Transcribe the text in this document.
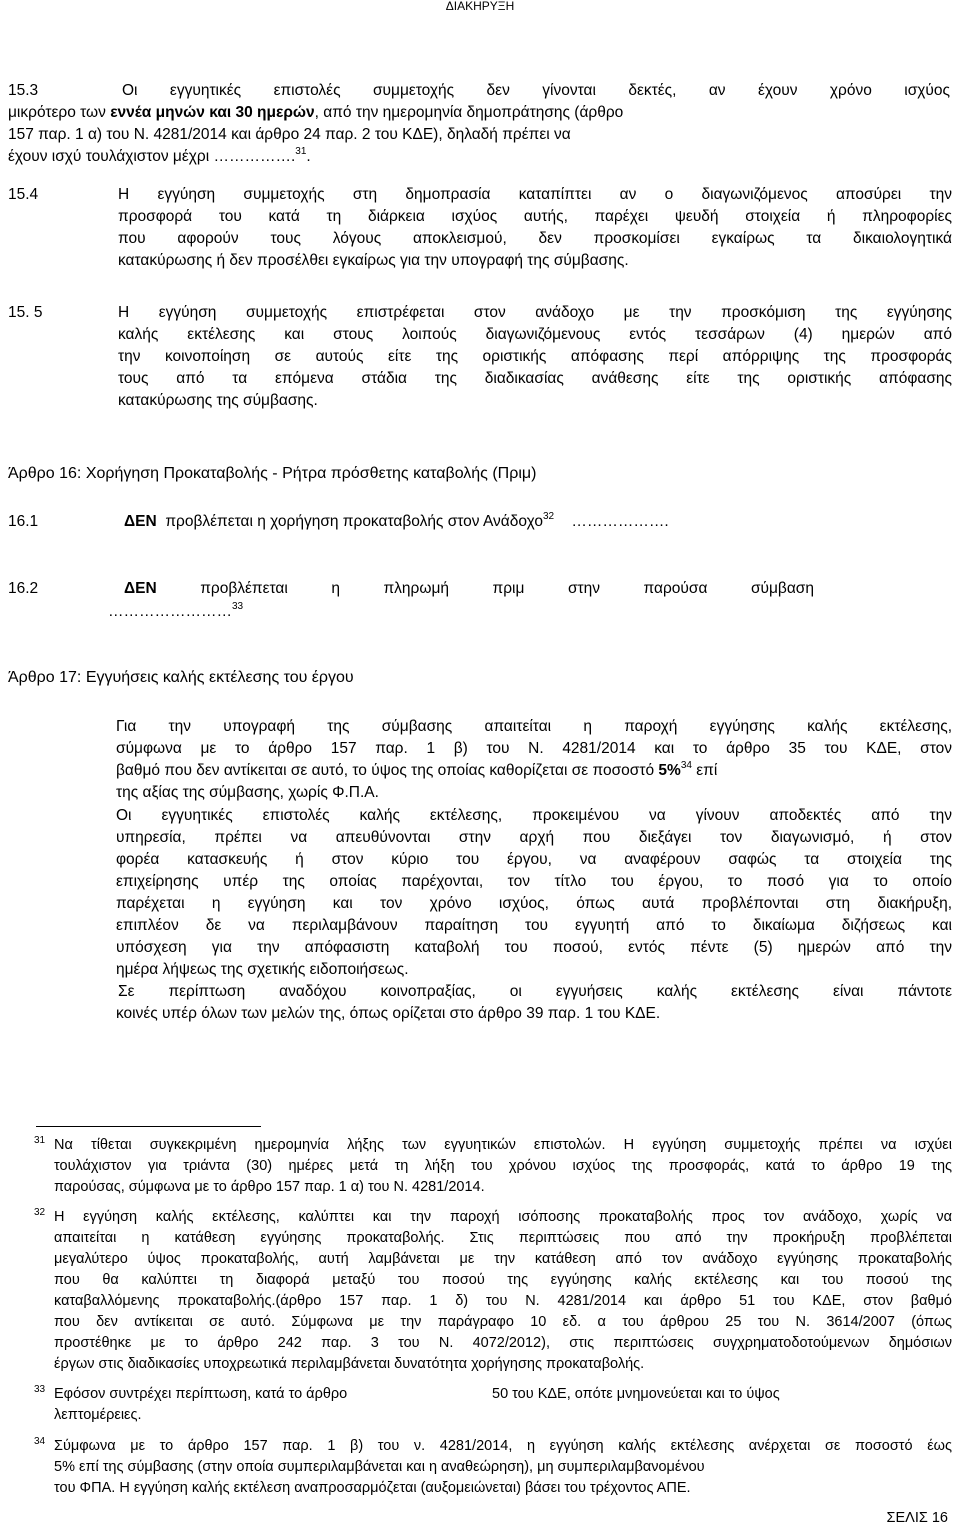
ΔΙΑΚΗΡΥΞΗ
15.3	Οι εγγυητικές επιστολές συμμετοχής δεν γίνονται δεκτές, αν έχουν χρόνο ισχύος
μικρότερο των εννέα μηνών και 30 ημερών, από την ημερομηνία δημοπράτησης (άρθρο
157 παρ. 1 α) του Ν. 4281/2014 και άρθρο 24 παρ. 2 του ΚΔΕ), δηλαδή πρέπει να
έχουν ισχύ τουλάχιστον μέχρι …………….$^{31}$.
15.4	Η εγγύηση συμμετοχής στη δημοπρασία καταπίπτει αν ο διαγωνιζόμενος αποσύρει την
προσφορά του κατά τη διάρκεια ισχύος αυτής, παρέχει ψευδή στοιχεία ή πληροφορίες
που αφορούν τους λόγους αποκλεισμού, δεν προσκομίσει εγκαίρως τα δικαιολογητικά
κατακύρωσης ή δεν προσέλθει εγκαίρως για την υπογραφή της σύμβασης.
15. 5	Η εγγύηση συμμετοχής επιστρέφεται στον ανάδοχο με την προσκόμιση της εγγύησης
καλής εκτέλεσης και στους λοιπούς διαγωνιζόμενους εντός τεσσάρων (4) ημερών από
την κοινοποίηση σε αυτούς είτε της οριστικής απόφασης περί απόρριψης της προσφοράς
τους από τα επόμενα στάδια της διαδικασίας ανάθεσης είτε της οριστικής απόφασης
κατακύρωσης της σύμβασης.
Άρθρο 16: Χορήγηση Προκαταβολής - Ρήτρα πρόσθετης καταβολής (Πριμ)
16.1	ΔΕΝ προβλέπεται η χορήγηση προκαταβολής στον Ανάδοχο$^{32}$ ……………….
16.2	ΔΕΝ	προβλέπεται	η	πληρωμή	πριμ	στην	παρούσα	σύμβαση
……………………$^{33}$
Άρθρο 17: Εγγυήσεις καλής εκτέλεσης του έργου
Για την υπογραφή της σύμβασης απαιτείται η παροχή εγγύησης καλής εκτέλεσης,
σύμφωνα με το άρθρο 157 παρ. 1 β) του Ν. 4281/2014 και το άρθρο 35 του ΚΔΕ, στον
βαθμό που δεν αντίκειται σε αυτό, το ύψος της οποίας καθορίζεται σε ποσοστό 5%$^{34}$ επί
της αξίας της σύμβασης, χωρίς Φ.Π.Α.
Οι εγγυητικές επιστολές καλής εκτέλεσης, προκειμένου να γίνουν αποδεκτές από την
υπηρεσία, πρέπει να απευθύνονται στην αρχή που διεξάγει τον διαγωνισμό, ή στον
φορέα κατασκευής ή στον κύριο του έργου, να αναφέρουν σαφώς τα στοιχεία της
επιχείρησης υπέρ της οποίας παρέχονται, τον τίτλο του έργου, το ποσό για το οποίο
παρέχεται η εγγύηση και τον χρόνο ισχύος, όπως αυτά προβλέπονται στη διακήρυξη,
επιπλέον δε να περιλαμβάνουν παραίτηση του εγγυητή από το δικαίωμα διζήσεως και
υπόσχεση για την απόφασιστη καταβολή του ποσού, εντός πέντε (5) ημερών από την
ημέρα λήψεως της σχετικής ειδοποιήσεως.
Σε περίπτωση αναδόχου κοινοπραξίας, οι εγγυήσεις καλής εκτέλεσης είναι πάντοτε
κοινές υπέρ όλων των μελών της, όπως ορίζεται στο άρθρο 39 παρ. 1 του ΚΔΕ.
31 Να τίθεται συγκεκριμένη ημερομηνία λήξης των εγγυητικών επιστολών. Η εγγύηση συμμετοχής πρέπει να ισχύει
τουλάχιστον για τριάντα (30) ημέρες μετά τη λήξη του χρόνου ισχύος της προσφοράς, κατά το άρθρο 19 της
παρούσας, σύμφωνα με το άρθρο 157 παρ. 1 α) του Ν. 4281/2014.
32 Η εγγύηση καλής εκτέλεσης, καλύπτει και την παροχή ισόποσης προκαταβολής προς τον ανάδοχο, χωρίς να
απαιτείται η κατάθεση εγγύησης προκαταβολής. Στις περιπτώσεις που από την προκήρυξη προβλέπεται
μεγαλύτερο ύψος προκαταβολής, αυτή λαμβάνεται με την κατάθεση από τον ανάδοχο εγγύησης προκαταβολής
που θα καλύπτει τη διαφορά μεταξύ του ποσού της εγγύησης καλής εκτέλεσης και του ποσού της
καταβαλλόμενης προκαταβολής.(άρθρο 157 παρ. 1 δ) του Ν. 4281/2014 και άρθρο 51 του ΚΔΕ, στον βαθμό
που δεν αντίκειται σε αυτό. Σύμφωνα με την παράγραφο 10 εδ. α του άρθρου 25 του Ν. 3614/2007 (όπως
προστέθηκε με το άρθρο 242 παρ. 3 του Ν. 4072/2012), στις περιπτώσεις συγχρηματοδοτούμενων δημόσιων
έργων στις διαδικασίες υποχρεωτικά περιλαμβάνεται δυνατότητα χορήγησης προκαταβολής.
33 Εφόσον συντρέχει περίπτωση, κατά το άρθρο	50 του ΚΔΕ, οπότε μνημονεύεται και το ύψος
λεπτομέρειες.
34 Σύμφωνα με το άρθρο 157 παρ. 1 β) του ν. 4281/2014, η εγγύηση καλής εκτέλεσης ανέρχεται σε ποσοστό έως
5% επί της σύμβασης (στην οποία συμπεριλαμβάνεται και η αναθεώρηση), μη συμπεριλαμβανομένου
του ΦΠΑ. Η εγγύηση καλής εκτέλεση αναπροσαρμόζεται (αυξομειώνεται) βάσει του τρέχοντος ΑΠΕ.
ΣΕΛΙΣ 16
